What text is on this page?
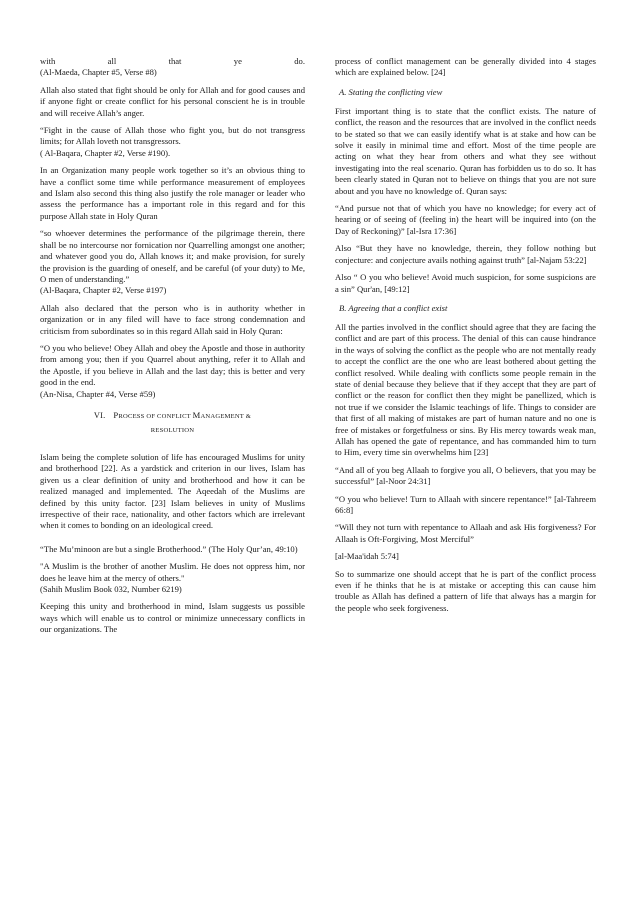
with all that ye do.
(Al-Maeda, Chapter #5, Verse #8)

Allah also stated that fight should be only for Allah and for good causes and if anyone fight or create conflict for his personal conscient he is in trouble and will receive Allah’s anger.

“Fight in the cause of Allah those who fight you, but do not transgress limits; for Allah loveth not transgressors.
( Al-Baqara, Chapter #2, Verse #190).

In an Organization many people work together so it’s an obvious thing to have a conflict some time while performance measurement of employees and Islam also second this thing also justify the role manager or leader who assess the performance has a important role in this regard and for this purpose Allah state in Holy Quran

“so whoever determines the performance of the pilgrimage therein, there shall be no intercourse nor fornication nor Quarrelling amongst one another; and whatever good you do, Allah knows it; and make provision, for surely the provision is the guarding of oneself, and be careful (of your duty) to Me, O men of understanding.”
(Al-Baqara, Chapter #2, Verse #197)

Allah also declared that the person who is in authority whether in organization or in any filed will have to face strong condemnation and criticism from subordinates so in this regard Allah said in Holy Quran:

“O you who believe! Obey Allah and obey the Apostle and those in authority from among you; then if you Quarrel about anything, refer it to Allah and the Apostle, if you believe in Allah and the last day; this is better and very good in the end.
(An-Nisa, Chapter #4, Verse #59)

VI. PROCESS OF CONFLICT MANAGEMENT &
RESOLUTION

Islam being the complete solution of life has encouraged Muslims for unity and brotherhood [22]. As a yardstick and criterion in our lives, Islam has given us a clear definition of unity and brotherhood and how it can be realized managed and implemented. The Aqeedah of the Muslims are defined by this unity factor. [23] Islam believes in unity of Muslims irrespective of their race, nationality, and other factors which are irrelevant when it comes to bonding on an ideological creed.

“The Mu’minoon are but a single Brotherhood.” (The Holy Qur’an, 49:10)

"A Muslim is the brother of another Muslim. He does not oppress him, nor does he leave him at the mercy of others."
(Sahih Muslim Book 032, Number 6219)

Keeping this unity and brotherhood in mind, Islam suggests us possible ways which will enable us to control or minimize unnecessary conflicts in our organizations. The

process of conflict management can be generally divided into 4 stages which are explained below. [24]

A. Stating the conflicting view

First important thing is to state that the conflict exists. The nature of conflict, the reason and the resources that are involved in the conflict needs to be stated so that we can easily identify what is at stake and how can be solve it easily in minimal time and effort. Most of the time people are acting on what they hear from others and what they see without investigating into the real scenario. Quran has forbidden us to do so. It has been clearly stated in Quran not to believe on things that you are not sure about and you have no knowledge of. Quran says:

“And pursue not that of which you have no knowledge; for every act of hearing or of seeing of (feeling in) the heart will be inquired into (on the Day of Reckoning)” [al-Isra 17:36]

Also “But they have no knowledge, therein, they follow nothing but conjecture: and conjecture avails nothing against truth” [al-Najam 53:22]

Also “ O you who believe! Avoid much suspicion, for some suspicions are a sin” Qur'an, [49:12]

B. Agreeing that a conflict exist

All the parties involved in the conflict should agree that they are facing the conflict and are part of this process. The denial of this can cause hindrance in the ways of solving the conflict as the people who are not mentally ready to accept the conflict are the one who are least bothered about getting the conflict resolved. While dealing with conflicts some people remain in the state of denial because they believe that if they accept that they are part of conflict or the reason for conflict then they might be panellized, which is not true if we consider the Islamic teachings of life. Things to consider are that first of all making of mistakes are part of human nature and no one is free of mistakes or forgetfulness or sins. By His mercy towards weak man, Allah has opened the gate of repentance, and has commanded him to turn to Him, every time sin overwhelms him [23]

“And all of you beg Allaah to forgive you all, O believers, that you may be successful” [al-Noor 24:31]

“O you who believe! Turn to Allaah with sincere repentance!” [al-Tahreem 66:8]

“Will they not turn with repentance to Allaah and ask His forgiveness? For Allaah is Oft-Forgiving, Most Merciful”

[al-Maa'idah 5:74]

So to summarize one should accept that he is part of the conflict process even if he thinks that he is at mistake or accepting this can cause him trouble as Allah has defined a pattern of life that always has a margin for the people who seek forgiveness.
